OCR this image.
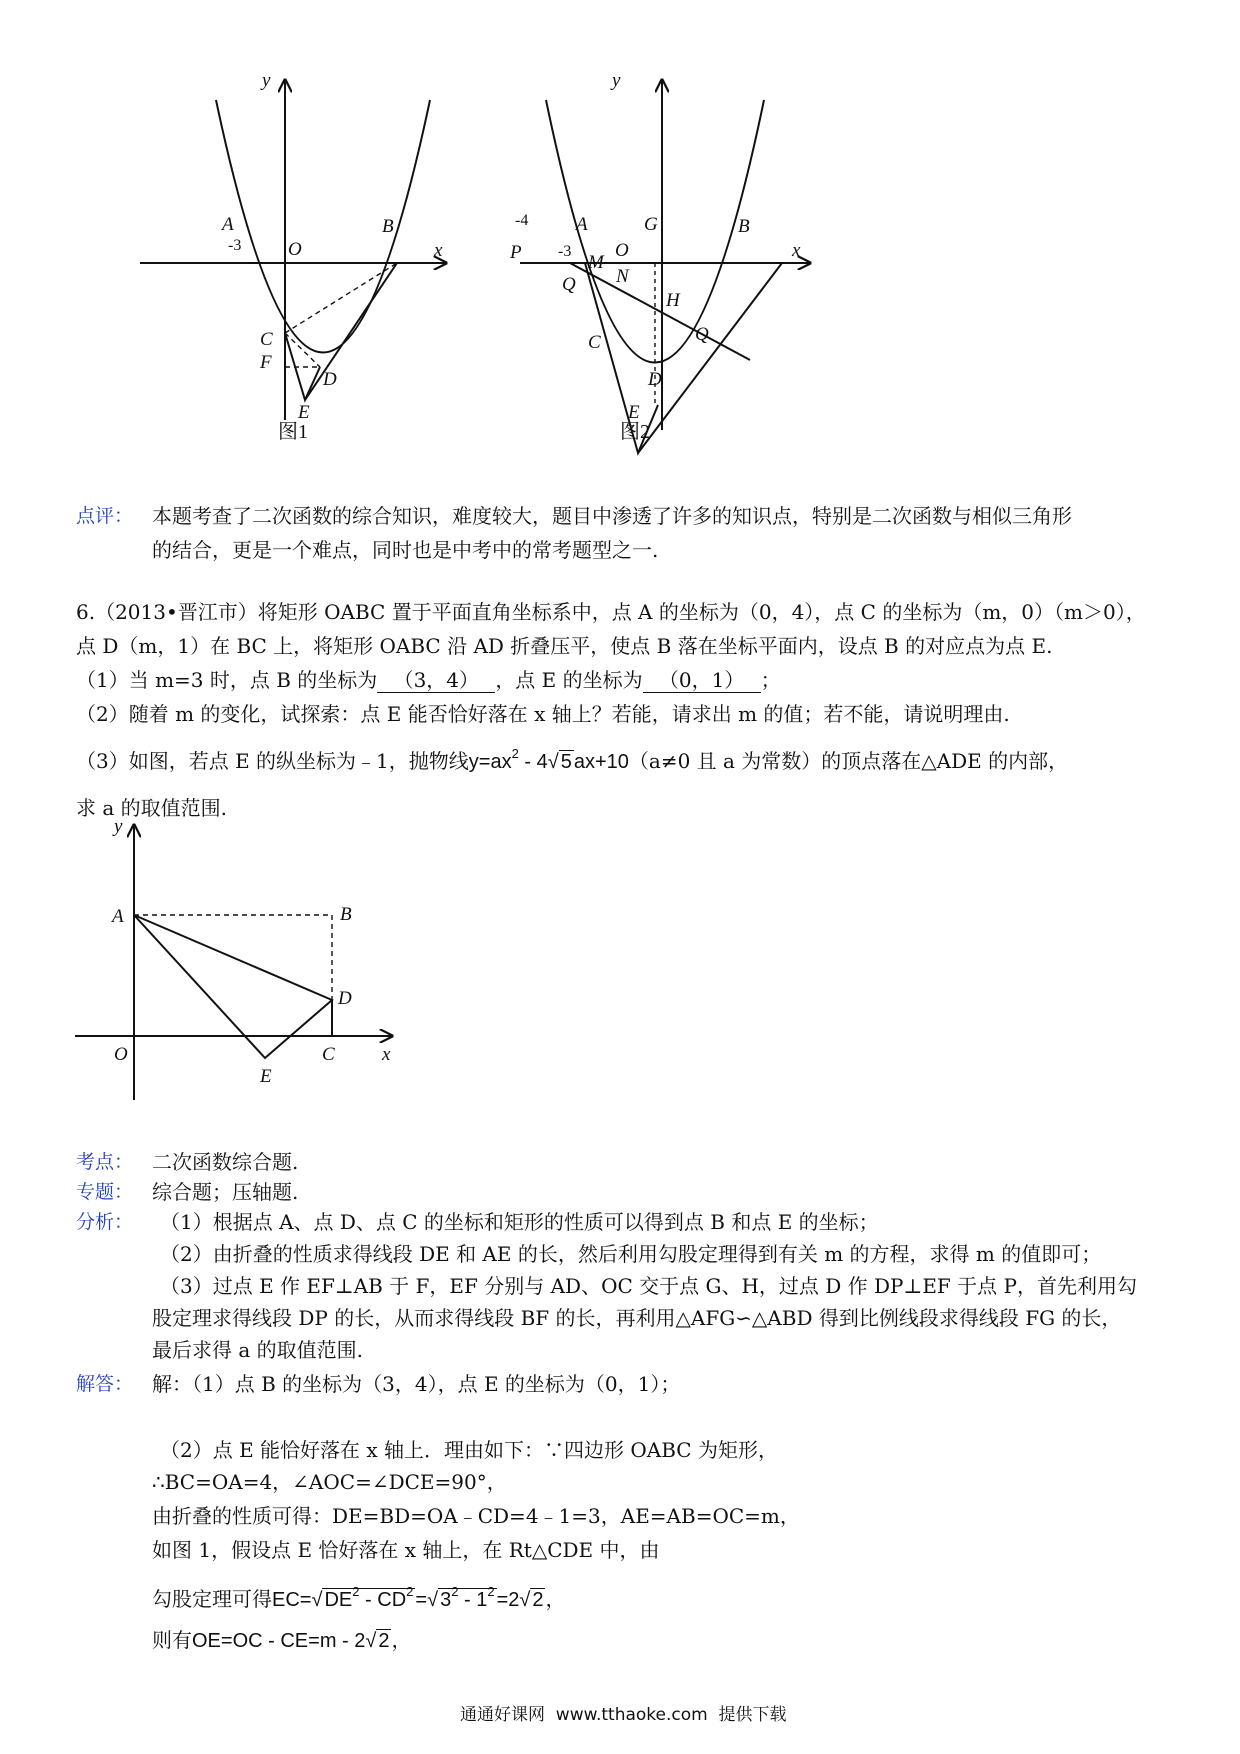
y
x
A
-3 O
B
C
F
D
E
图1
y
x
-4	A	G	B
P -3 O
M
N
Q
H
Q
C
D
E
图2
点评： 本题考查了二次函数的综合知识，难度较大，题目中渗透了许多的知识点，特别是二次函数与相似三角形
的结合，更是一个难点，同时也是中考中的常考题型之一.
6.（2013•晋江市）将矩形 OABC 置于平面直角坐标系中，点 A 的坐标为（0，4），点 C 的坐标为（m，0）（m＞0），
点 D（m，1）在 BC 上，将矩形 OABC 沿 AD 折叠压平，使点 B 落在坐标平面内，设点 B 的对应点为点 E.
（1）当 m=3 时，点 B 的坐标为 （3，4） ，点 E 的坐标为 （0，1） ；
（2）随着 m 的变化，试探索：点 E 能否恰好落在 x 轴上？若能，请求出 m 的值；若不能，请说明理由.
（3）如图，若点 E 的纵坐标为﹣1，抛物线$y=ax^2 - 4√$ 5 ax+10（a≠0 且 a 为常数）的顶点落在△ADE 的内部，
求 a 的取值范围.
y
A	B
D
O	C x
E
考点： 二次函数综合题.
专题： 综合题；压轴题.
分析： （1）根据点 A、点 D、点 C 的坐标和矩形的性质可以得到点 B 和点 E 的坐标；
（2）由折叠的性质求得线段 DE 和 AE 的长，然后利用勾股定理得到有关 m 的方程，求得 m 的值即可；
（3）过点 E 作 EF⊥AB 于 F，EF 分别与 AD、OC 交于点 G、H，过点 D 作 DP⊥EF 于点 P，首先利用勾
股定理求得线段 DP 的长，从而求得线段 BF 的长，再利用△AFG∽△ABD 得到比例线段求得线段 FG 的长，
最后求得 a 的取值范围.
解答： 解：（1）点 B 的坐标为（3，4），点 E 的坐标为（0，1）；
（2）点 E 能恰好落在 x 轴上．理由如下：∵四边形 OABC 为矩形，
∴BC=OA=4，∠AOC=∠DCE=90°，
由折叠的性质可得：DE=BD=OA﹣CD=4﹣1=3，AE=AB=OC=m，
如图 1，假设点 E 恰好落在 x 轴上，在 Rt△CDE 中，由
勾股定理可得EC=√ $DE^2 - CD^2$ =√ $3^2 - 1^2 =2√$ 2 ，
则有OE=OC - CE=m - 2√ 2 ，
通通好课网  www.tthaoke.com  提供下载
